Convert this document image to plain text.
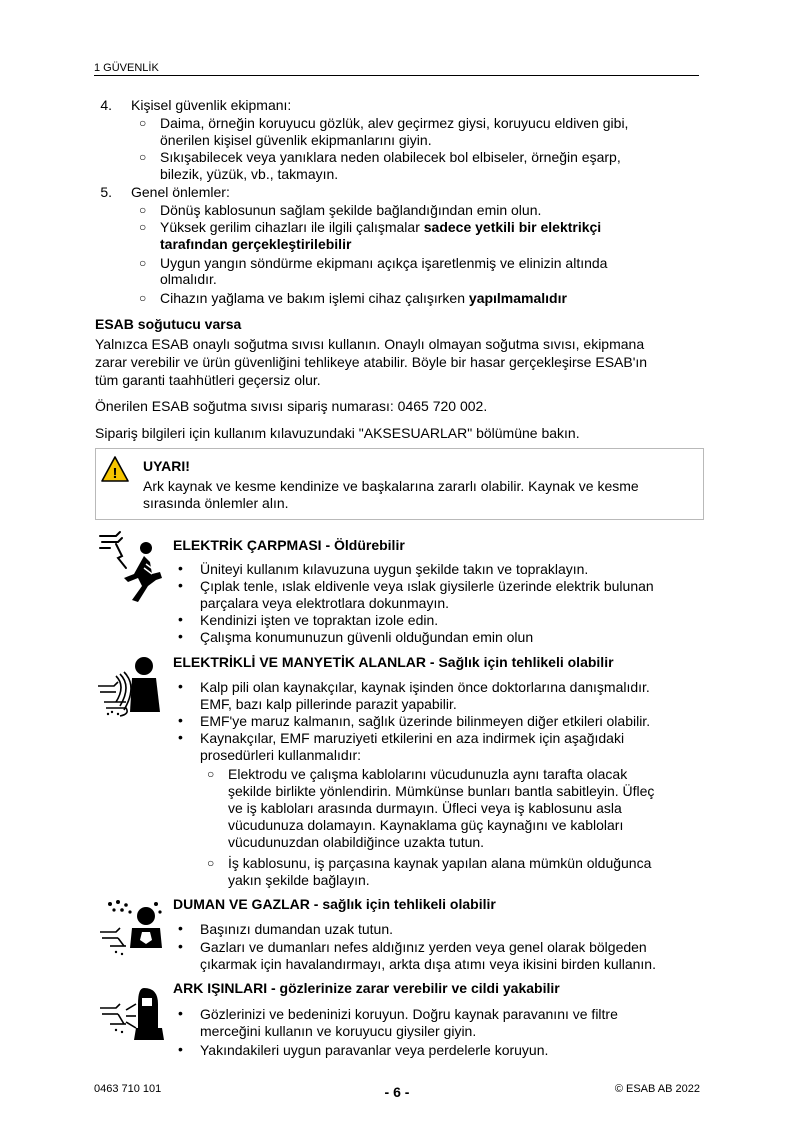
1 GÜVENLİK
4. Kişisel güvenlik ekipmanı:
○ Daima, örneğin koruyucu gözlük, alev geçirmez giysi, koruyucu eldiven gibi,
önerilen kişisel güvenlik ekipmanlarını giyin.
○ Sıkışabilecek veya yanıklara neden olabilecek bol elbiseler, örneğin eşarp,
bilezik, yüzük, vb., takmayın.
5. Genel önlemler:
○ Dönüş kablosunun sağlam şekilde bağlandığından emin olun.
○ Yüksek gerilim cihazları ile ilgili çalışmalar sadece yetkili bir elektrikçi
tarafından gerçekleştirilebilir
○ Uygun yangın söndürme ekipmanı açıkça işaretlenmiş ve elinizin altında
olmalıdır.
○ Cihazın yağlama ve bakım işlemi cihaz çalışırken yapılmamalıdır
ESAB soğutucu varsa
Yalnızca ESAB onaylı soğutma sıvısı kullanın. Onaylı olmayan soğutma sıvısı, ekipmana
zarar verebilir ve ürün güvenliğini tehlikeye atabilir. Böyle bir hasar gerçekleşirse ESAB'ın
tüm garanti taahhütleri geçersiz olur.
Önerilen ESAB soğutma sıvısı sipariş numarası: 0465 720 002.
Sipariş bilgileri için kullanım kılavuzundaki "AKSESUARLAR" bölümüne bakın.
! UYARI!
Ark kaynak ve kesme kendinize ve başkalarına zararlı olabilir. Kaynak ve kesme
sırasında önlemler alın.
ELEKTRİK ÇARPMASI - Öldürebilir
• Üniteyi kullanım kılavuzuna uygun şekilde takın ve topraklayın.
• Çıplak tenle, ıslak eldivenle veya ıslak giysilerle üzerinde elektrik bulunan
parçalara veya elektrotlara dokunmayın.
• Kendinizi işten ve topraktan izole edin.
• Çalışma konumunuzun güvenli olduğundan emin olun
ELEKTRİKLİ VE MANYETİK ALANLAR - Sağlık için tehlikeli olabilir
• Kalp pili olan kaynakçılar, kaynak işinden önce doktorlarına danışmalıdır.
EMF, bazı kalp pillerinde parazit yapabilir.
• EMF'ye maruz kalmanın, sağlık üzerinde bilinmeyen diğer etkileri olabilir.
• Kaynakçılar, EMF maruziyeti etkilerini en aza indirmek için aşağıdaki
prosedürleri kullanmalıdır:
○ Elektrodu ve çalışma kablolarını vücudunuzla aynı tarafta olacak
şekilde birlikte yönlendirin. Mümkünse bunları bantla sabitleyin. Üfleç
ve iş kabloları arasında durmayın. Üfleci veya iş kablosunu asla
vücudunuza dolamayın. Kaynaklama güç kaynağını ve kabloları
vücudunuzdan olabildiğince uzakta tutun.
○ İş kablosunu, iş parçasına kaynak yapılan alana mümkün olduğunca
yakın şekilde bağlayın.
DUMAN VE GAZLAR - sağlık için tehlikeli olabilir
• Başınızı dumandan uzak tutun.
• Gazları ve dumanları nefes aldığınız yerden veya genel olarak bölgeden
çıkarmak için havalandırmayı, arkta dışa atımı veya ikisini birden kullanın.
ARK IŞINLARI - gözlerinize zarar verebilir ve cildi yakabilir
• Gözlerinizi ve bedeninizi koruyun. Doğru kaynak paravanını ve filtre
merceğini kullanın ve koruyucu giysiler giyin.
• Yakındakileri uygun paravanlar veya perdelerle koruyun.
0463 710 101	- 6 -	© ESAB AB 2022
